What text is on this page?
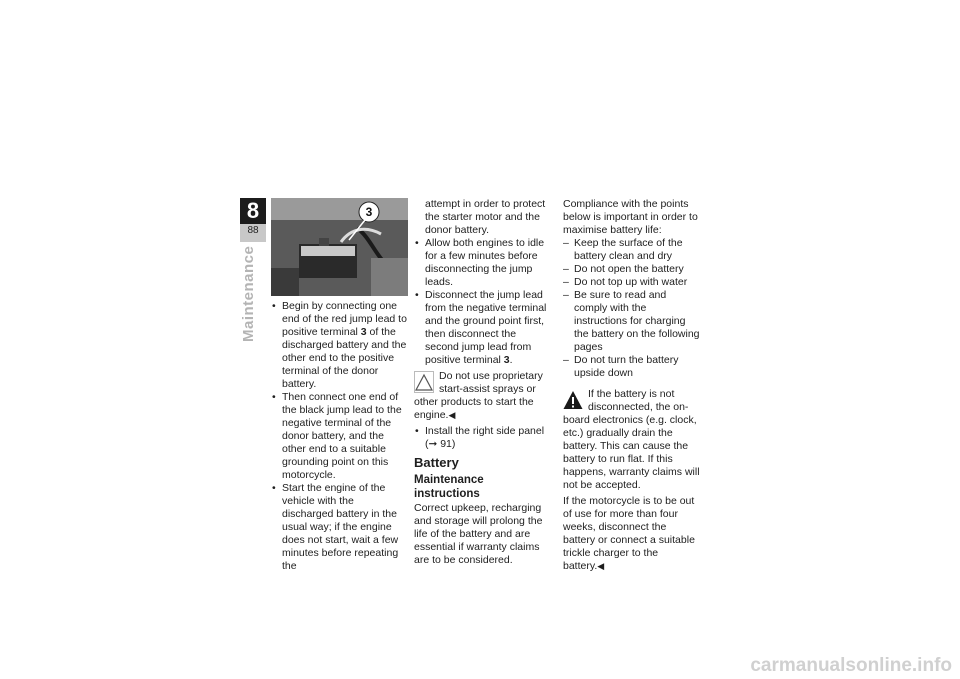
8
88
Maintenance
3
• Begin by connecting one end of the red jump lead to positive terminal 3 of the discharged battery and the other end to the positive terminal of the donor battery.
• Then connect one end of the black jump lead to the negative terminal of the donor battery, and the other end to a suitable grounding point on this motorcycle.
• Start the engine of the vehicle with the discharged battery in the usual way; if the engine does not start, wait a few minutes before repeating the

attempt in order to protect the starter motor and the donor battery.

• Allow both engines to idle for a few minutes before disconnecting the jump leads.
• Disconnect the jump lead from the negative terminal and the ground point first, then disconnect the second jump lead from positive terminal 3.
Do not use proprietary start-assist sprays or other products to start the engine.◀
• Install the right side panel (➞ 91)
Battery
Maintenance instructions

Correct upkeep, recharging and storage will prolong the life of the battery and are essential if warranty claims are to be considered.

Compliance with the points below is important in order to maximise battery life:

– Keep the surface of the battery clean and dry
– Do not open the battery
– Do not top up with water
– Be sure to read and comply with the instructions for charging the battery on the following pages
– Do not turn the battery upside down
If the battery is not disconnected, the on-board electronics (e.g. clock, etc.) gradually drain the battery. This can cause the battery to run flat. If this happens, warranty claims will not be accepted.

If the motorcycle is to be out of use for more than four weeks, disconnect the battery or connect a suitable trickle charger to the battery.◀

carmanualsonline.info
